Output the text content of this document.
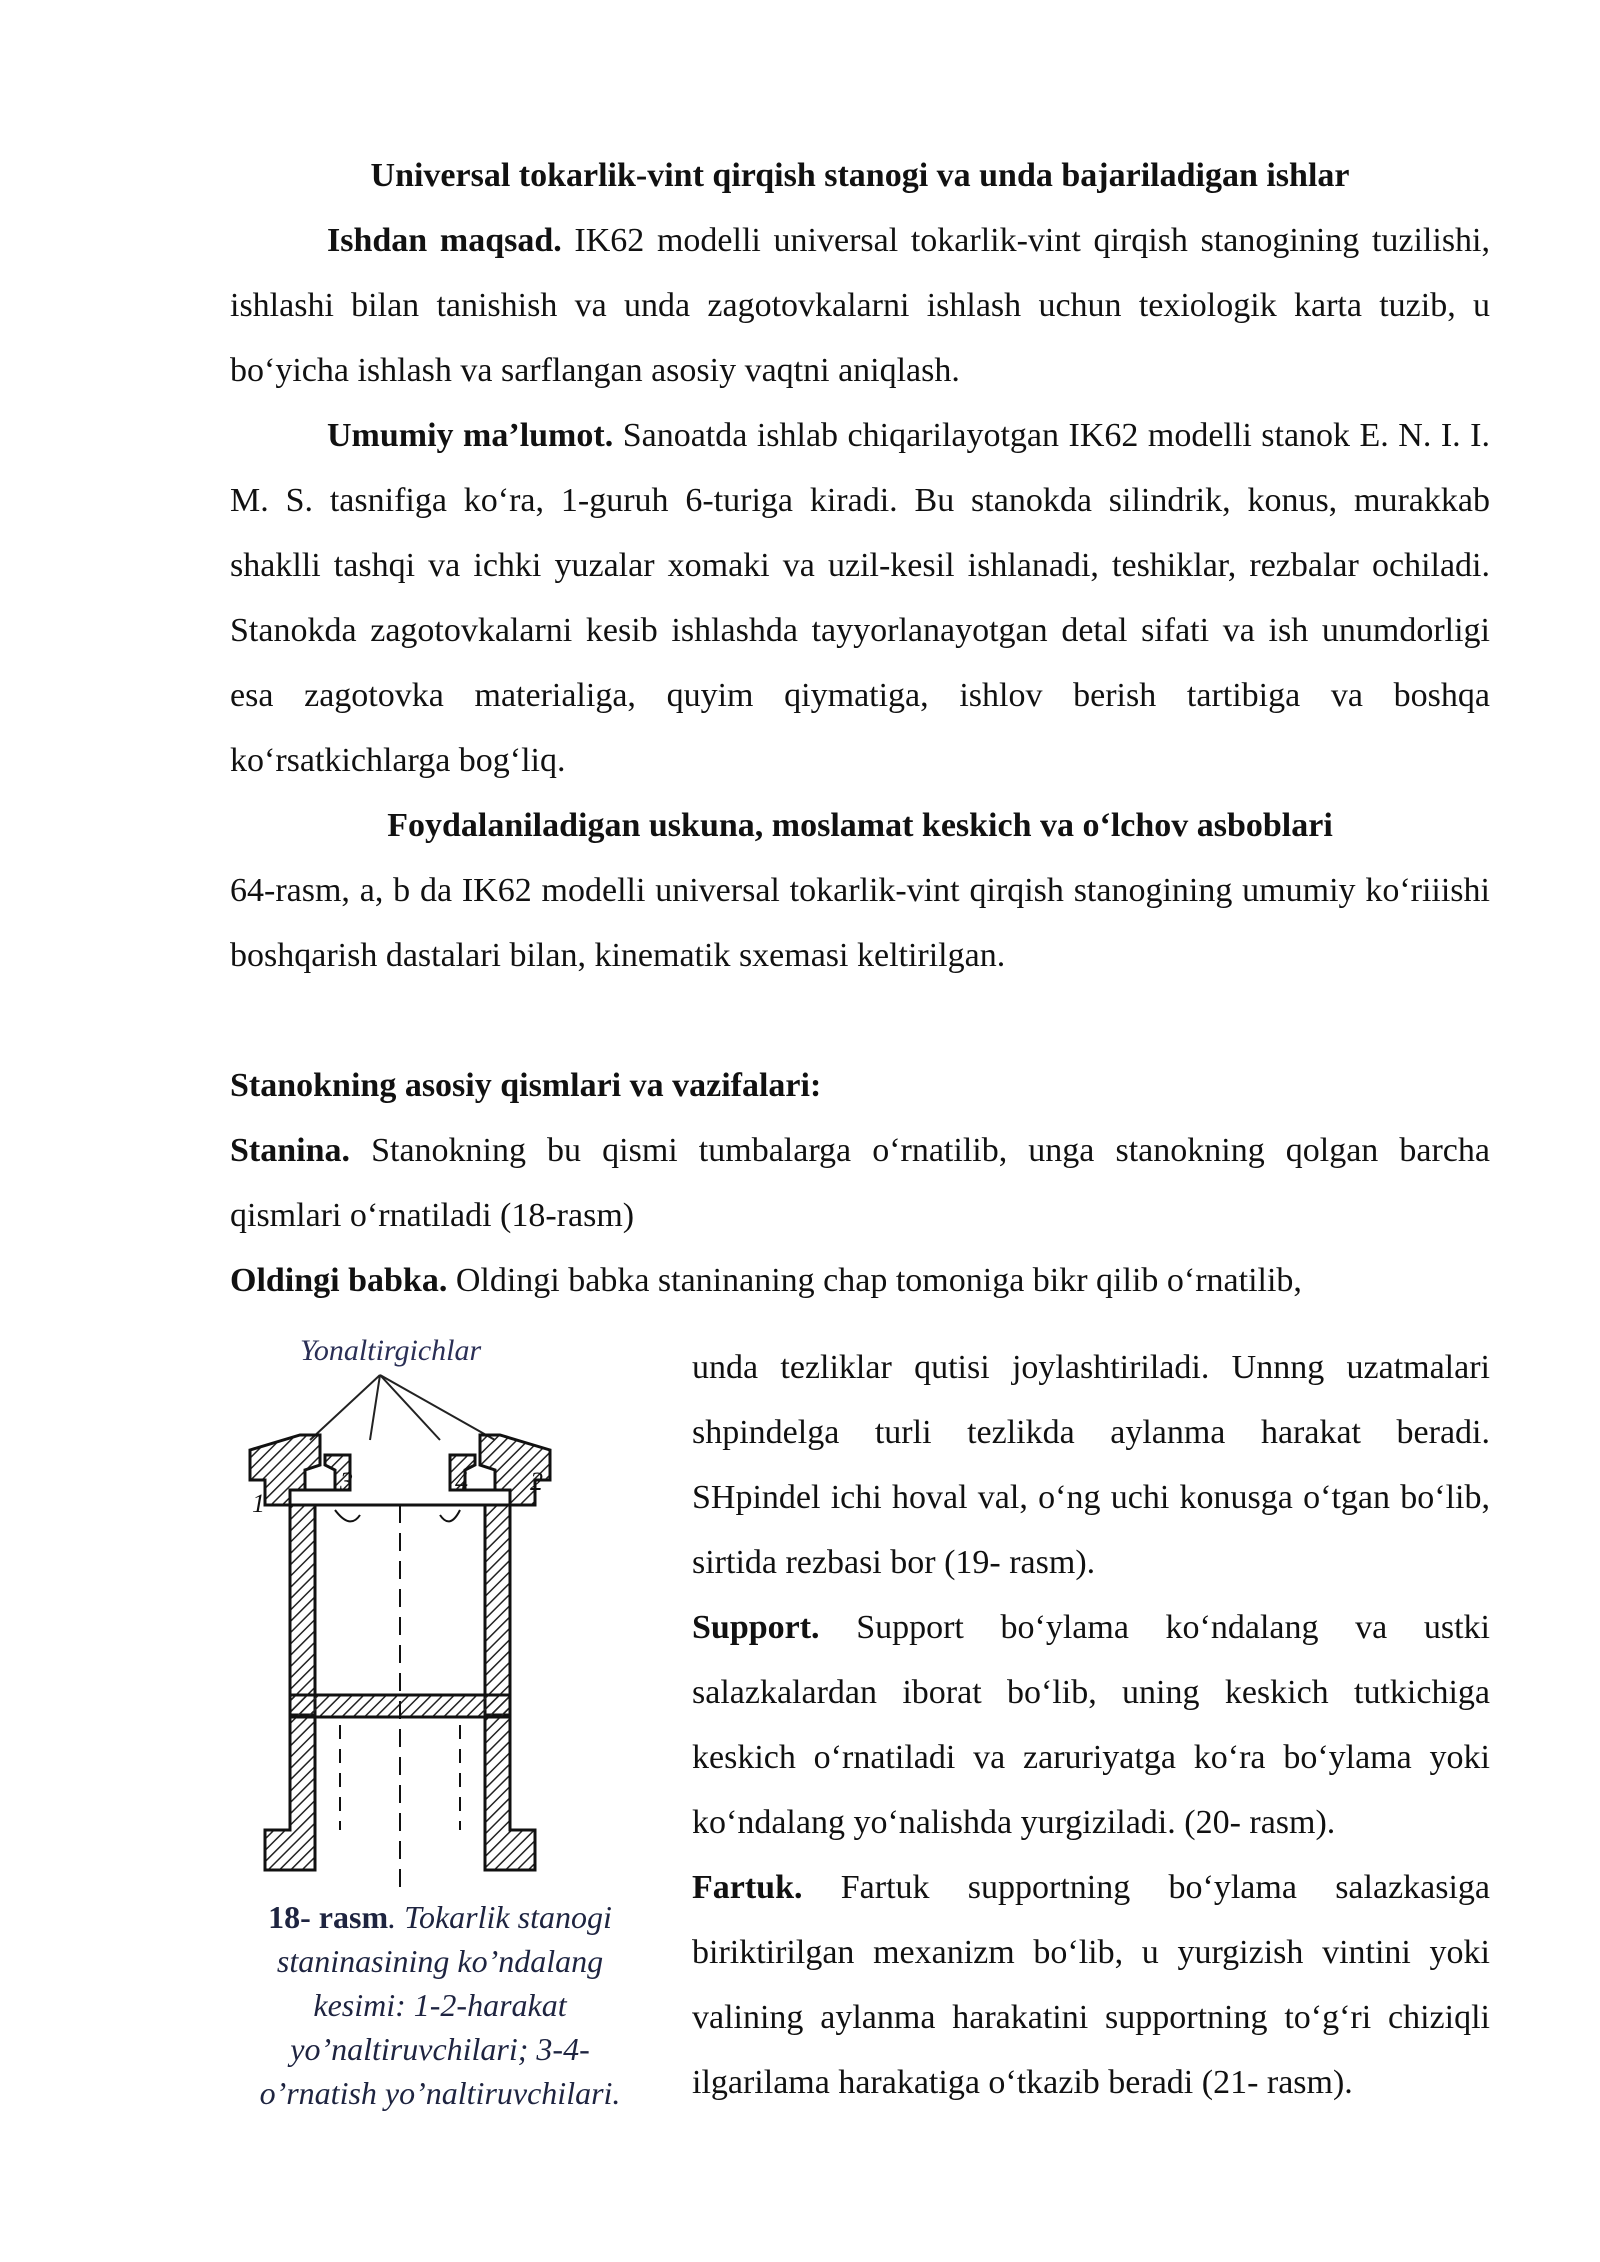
Universal tokarlik-vint qirqish stanogi va unda bajariladigan ishlar

Ishdan maqsad. IK62 modelli universal tokarlik-vint qirqish stanogining tuzilishi, ishlashi bilan tanishish va unda zagotovkalarni ishlash uchun texiologik karta tuzib, u bo‘yicha ishlash va sarflangan asosiy vaqtni aniqlash.

Umumiy ma’lumot. Sanoatda ishlab chiqarilayotgan IK62 modelli stanok E. N. I. I. M. S. tasnifiga ko‘ra, 1-guruh 6-turiga kiradi. Bu stanokda silindrik, konus, murakkab shaklli tashqi va ichki yuzalar xomaki va uzil-kesil ishlanadi, teshiklar, rezbalar ochiladi. Stanokda zagotovkalarni kesib ishlashda tayyorlanayotgan detal sifati va ish unumdorligi esa zagotovka materialiga, quyim qiymatiga, ishlov berish tartibiga va boshqa ko‘rsatkichlarga bog‘liq.

Foydalaniladigan uskuna, moslamat keskich va o‘lchov asboblari

64-rasm, a, b da IK62 modelli universal tokarlik-vint qirqish stanogining umumiy ko‘riiishi boshqarish dastalari bilan, kinematik sxemasi keltirilgan.

Stanokning asosiy qismlari va vazifalari:

Stanina. Stanokning bu qismi tumbalarga o‘rnatilib, unga stanokning qolgan barcha qismlari o‘rnatiladi (18-rasm)

Oldingi babka. Oldingi babka staninaning chap tomoniga bikr qilib o‘rnatilib,

Yonaltirgichlar
1
3	4 2
18- rasm. Tokarlik stanogi staninasining ko’ndalang kesimi: 1-2-harakat yo’naltiruvchilari; 3-4- o’rnatish yo’naltiruvchilari.

unda tezliklar qutisi joylashtiriladi. Unnng uzatmalari shpindelga turli tezlikda aylanma harakat beradi. SHpindel ichi hoval val, o‘ng uchi konusga o‘tgan bo‘lib, sirtida rezbasi bor (19- rasm).

Support. Support bo‘ylama ko‘ndalang va ustki salazkalardan iborat bo‘lib, uning keskich tutkichiga keskich o‘rnatiladi va zaruriyatga ko‘ra bo‘ylama yoki ko‘ndalang yo‘nalishda yurgiziladi. (20- rasm).

Fartuk. Fartuk supportning bo‘ylama salazkasiga biriktirilgan mexanizm bo‘lib, u yurgizish vintini yoki valining aylanma harakatini supportning to‘g‘ri chiziqli ilgarilama harakatiga o‘tkazib beradi (21- rasm).
